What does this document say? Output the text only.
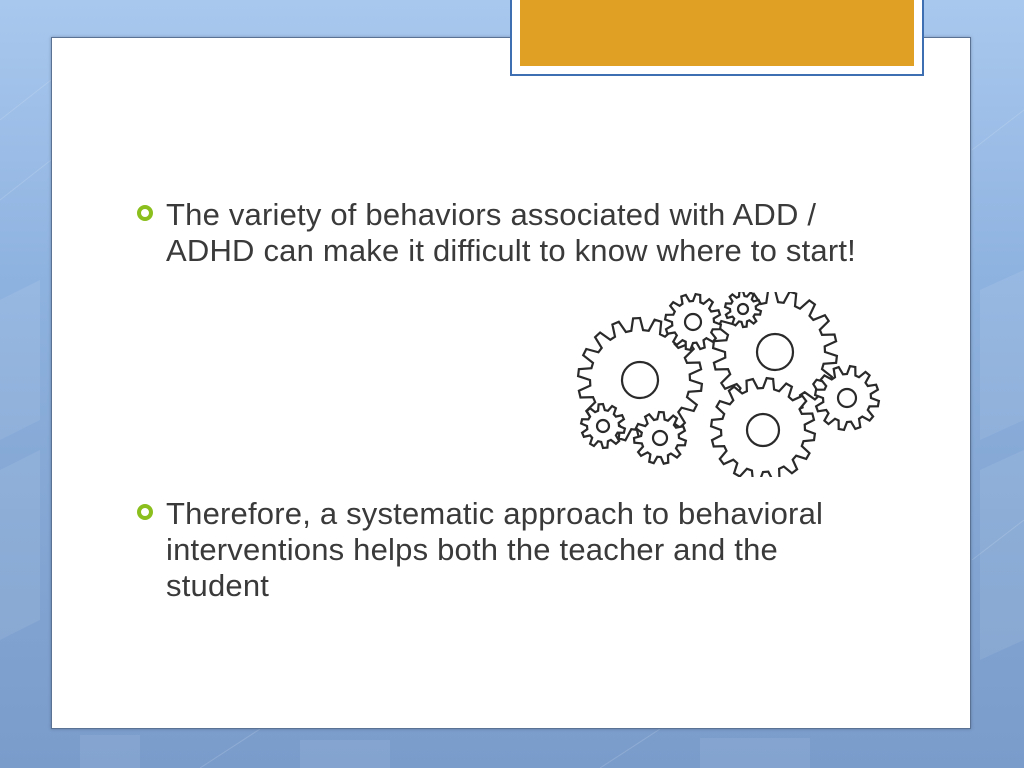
The variety of behaviors associated with ADD / ADHD can make it difficult to know where to start!
Therefore, a systematic approach to behavioral interventions helps both the teacher and the student
